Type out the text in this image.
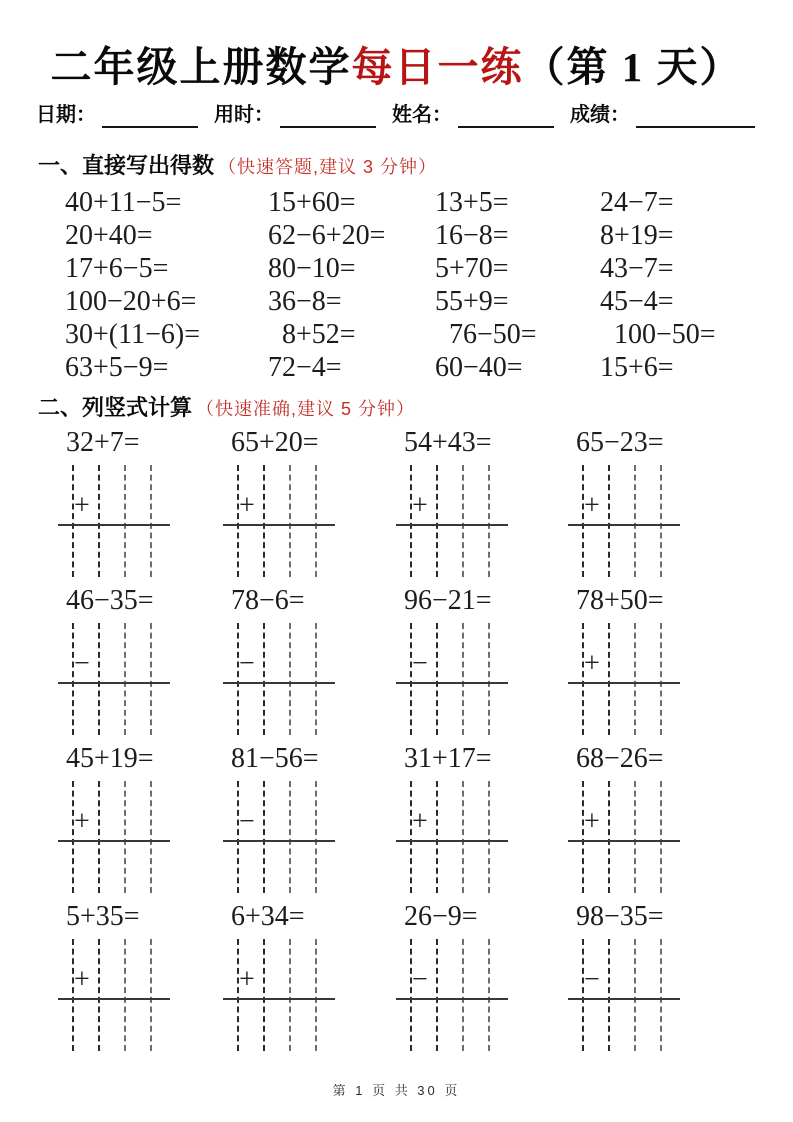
二年级上册数学每日一练（第 1 天）
日期：	用时：	姓名：	成绩：
一、直接写出得数 （快速答题,建议 3 分钟）
40+11−5=	15+60=	13+5=	24−7=
20+40=	62−6+20=	16−8=	8+19=
17+6−5=	80−10=	5+70=	43−7=
100−20+6=	36−8=	55+9=	45−4=
30+(11−6)=	8+52=	76−50=	100−50=
63+5−9=	72−4=	60−40=	15+6=
二、列竖式计算 （快速准确,建议 5 分钟）
32+7=
+
65+20=
+
54+43=
+
65−23=
+
46−35=
−
78−6=
−
96−21=
−
78+50=
+
45+19=
+
81−56=
−
31+17=
+
68−26=
+
5+35=
+
6+34=
+
26−9=
−
98−35=
−
第 1 页 共 30 页
